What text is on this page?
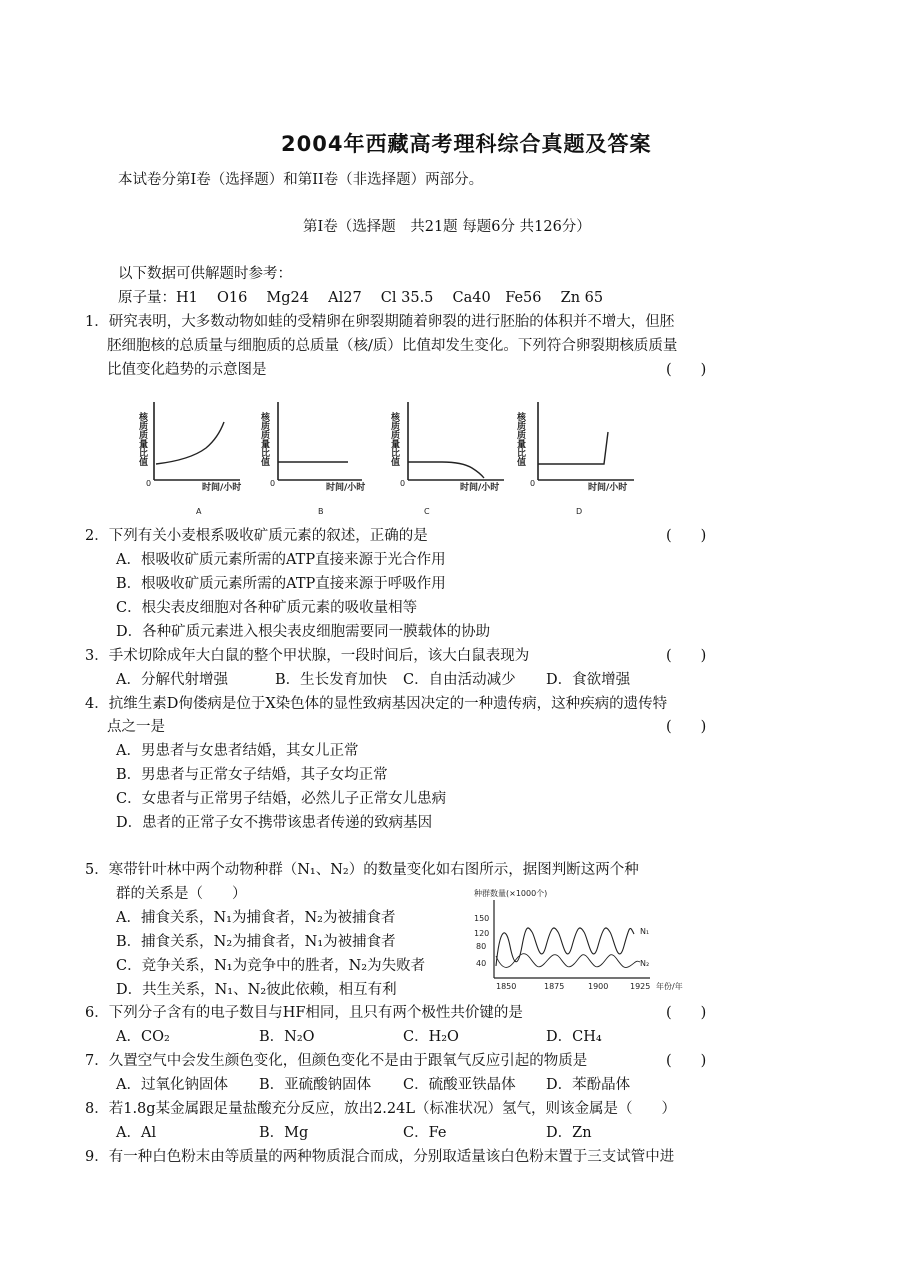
2004年西藏高考理科综合真题及答案
本试卷分第I卷（选择题）和第II卷（非选择题）两部分。
第I卷（选择题　共21题 每题6分 共126分）
以下数据可供解题时参考：
原子量：H1　 O16　 Mg24　 Al27　 Cl 35.5　 Ca40　Fe56　 Zn 65
1．研究表明，大多数动物如蛙的受精卵在卵裂期随着卵裂的进行胚胎的体积并不增大，但胚
胚细胞核的总质量与细胞质的总质量（核/质）比值却发生变化。下列符合卵裂期核质质量
比值变化趋势的示意图是	(　　)
核质质量比值
0	时间/小时
A
核质质量比值
0	时间/小时
B
核质质量比值
0	时间/小时
C
核质质量比值
0	时间/小时
D
2．下列有关小麦根系吸收矿质元素的叙述，正确的是	(　　)
A．根吸收矿质元素所需的ATP直接来源于光合作用
B．根吸收矿质元素所需的ATP直接来源于呼吸作用
C．根尖表皮细胞对各种矿质元素的吸收量相等
D．各种矿质元素进入根尖表皮细胞需要同一膜载体的协助
3．手术切除成年大白鼠的整个甲状腺，一段时间后，该大白鼠表现为	(　　)
A．分解代射增强	B．生长发育加快 C．自由活动减少 D．食欲增强
4．抗维生素D佝偻病是位于X染色体的显性致病基因决定的一种遗传病，这种疾病的遗传特
点之一是	(　　)
A．男患者与女患者结婚，其女儿正常
B．男患者与正常女子结婚，其子女均正常
C．女患者与正常男子结婚，必然儿子正常女儿患病
D．患者的正常子女不携带该患者传递的致病基因
5．寒带针叶林中两个动物种群（N₁、N₂）的数量变化如右图所示，据图判断这两个种
群的关系是（　　）
A．捕食关系，N₁为捕食者，N₂为被捕食者
B．捕食关系，N₂为捕食者，N₁为被捕食者
C．竞争关系，N₁为竞争中的胜者，N₂为失败者
D．共生关系，N₁、N₂彼此依赖，相互有利
种群数量(×1000个)
150
120
80
40
N₁
N₂
1850	1875	1900	1925 年份/年
6．下列分子含有的电子数目与HF相同，且只有两个极性共价键的是	(　　)
A．CO₂	B．N₂O	C．H₂O	D．CH₄
7．久置空气中会发生颜色变化，但颜色变化不是由于跟氧气反应引起的物质是	(　　)
A．过氧化钠固体 B．亚硫酸钠固体 C．硫酸亚铁晶体 D．苯酚晶体
8．若1.8g某金属跟足量盐酸充分反应，放出2.24L（标准状况）氢气，则该金属是（　　）
A．Al	B．Mg	C．Fe	D．Zn
9．有一种白色粉末由等质量的两种物质混合而成，分别取适量该白色粉末置于三支试管中进
